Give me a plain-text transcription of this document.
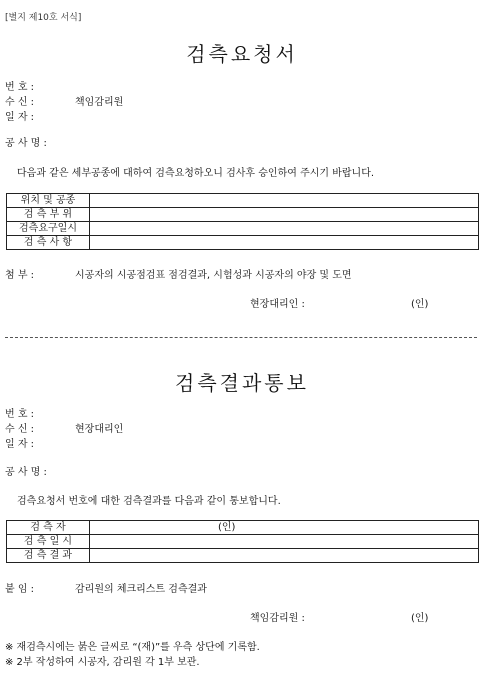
[별지 제10호 서식]
검측요청서
번 호 :
수 신 :	책임감리원
일 자 :
공 사 명 :
다음과 같은 세부공종에 대하여 검측요청하오니 검사후 승인하여 주시기 바랍니다.
위치 및 공종	
검 측 부 위	
검측요구일시	
검 측 사 항	
첨 부 :	시공자의 시공점검표 점검결과, 시험성과 시공자의 야장 및 도면
현장대리인 :	(인)
검측결과통보
번 호 :
수 신 :	현장대리인
일 자 :
공 사 명 :
검측요청서 번호에 대한 검측결과를 다음과 같이 통보합니다.
검 측 자	(인)
검 측 일 시	
검 측 결 과	
붙 임 :	감리원의 체크리스트 검측결과
책임감리원 :	(인)
※ 재검측시에는 붉은 글씨로 “(재)”를 우측 상단에 기록함.
※ 2부 작성하여 시공자, 감리원 각 1부 보관.
